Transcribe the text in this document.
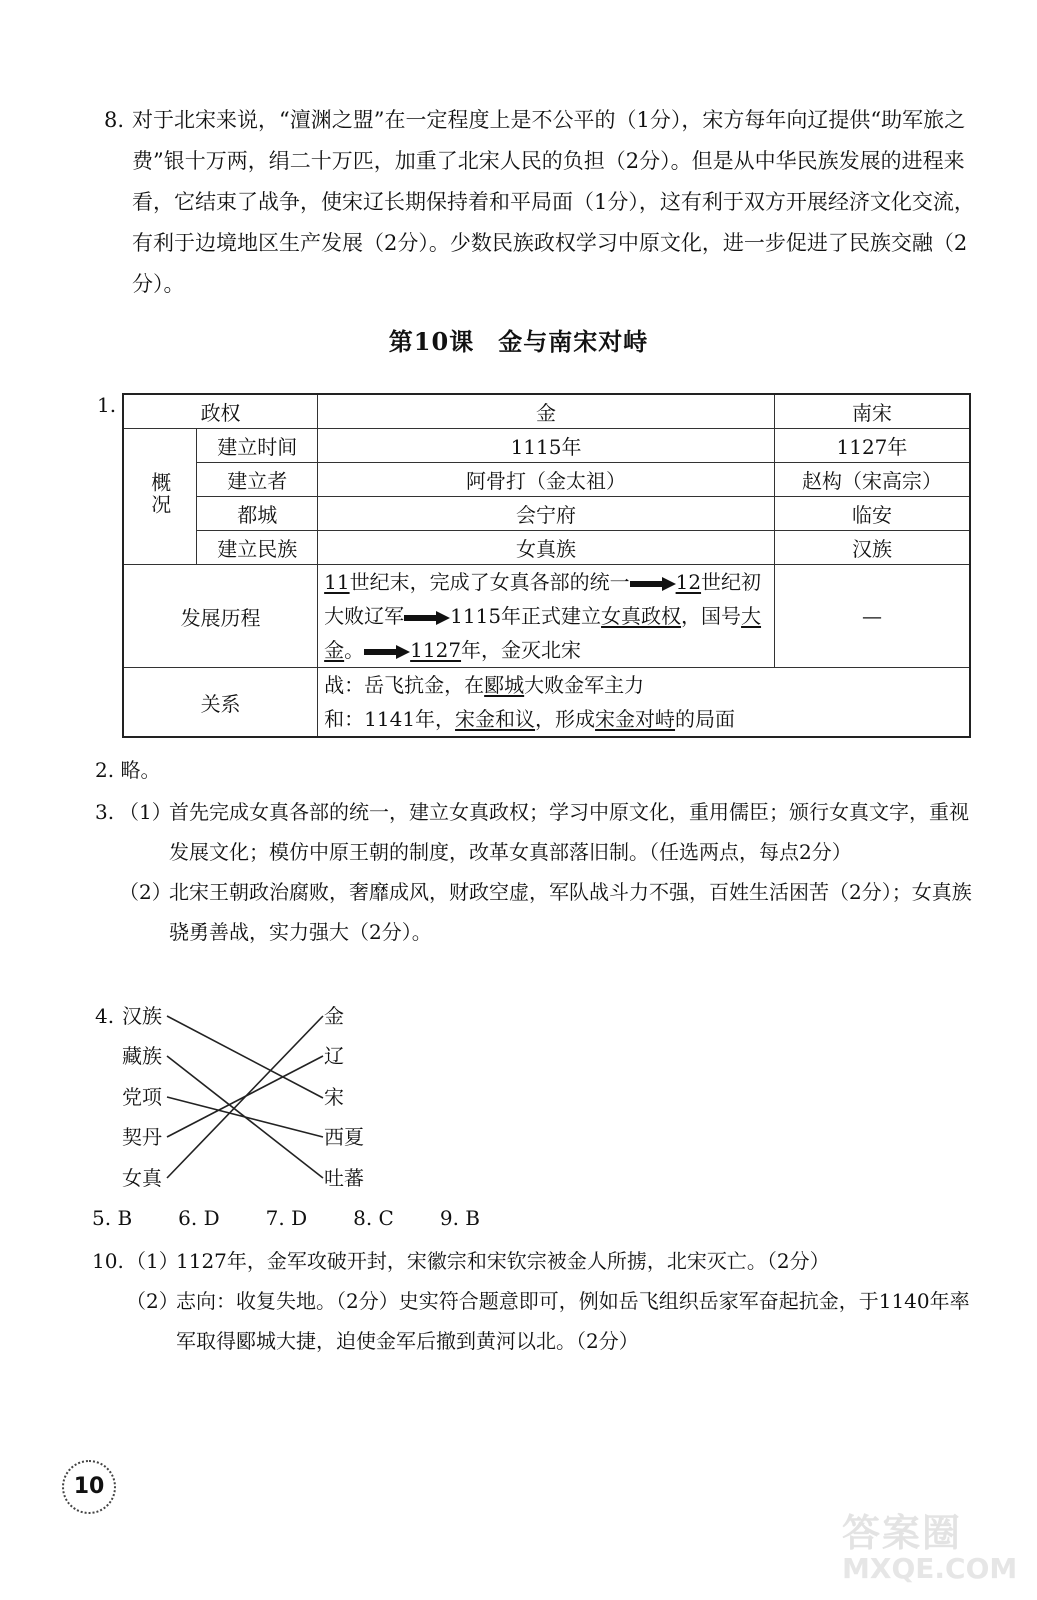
8. 对于北宋来说，“澶渊之盟”在一定程度上是不公平的（1分），宋方每年向辽提供“助军旅之费”银十万两，绢二十万匹，加重了北宋人民的负担（2分）。但是从中华民族发展的进程来看，它结束了战争，使宋辽长期保持着和平局面（1分），这有利于双方开展经济文化交流，有利于边境地区生产发展（2分）。少数民族政权学习中原文化，进一步促进了民族交融（2分）。
第10课 金与南宋对峙
1.	政权		金	南宋
概况	建立时间	1115年	1127年
	建立者	阿骨打（金太祖）	赵构（宋高宗）
	都城	会宁府	临安
	建立民族	女真族	汉族
发展历程		11世纪末，完成了女真各部的统一 12世纪初大败辽军 1115年正式建立女真政权，国号大金。 1127年，金灭北宋	—
关系		战：岳飞抗金，在郾城大败金军主力
和：1141年，宋金和议，形成宋金对峙的局面	
2. 略。
3. （1）
首先完成女真各部的统一，建立女真政权；学习中原文化，重用儒臣；颁行女真文字，重视发展文化；模仿中原王朝的制度，改革女真部落旧制。（任选两点，每点2分）
（2）
北宋王朝政治腐败，奢靡成风，财政空虚，军队战斗力不强，百姓生活困苦（2分）；女真族骁勇善战，实力强大（2分）。
4. 汉族
藏族
党项
契丹
女真
金
辽
宋
西夏
吐蕃
5. B 6. D 7. D 8. C 9. B
10. （1）
1127年，金军攻破开封，宋徽宗和宋钦宗被金人所掳，北宋灭亡。（2分）
（2）
志向：收复失地。（2分）史实符合题意即可，例如岳飞组织岳家军奋起抗金，于1140年率军取得郾城大捷，迫使金军后撤到黄河以北。（2分）
10
答案圈
MXQE.COM
